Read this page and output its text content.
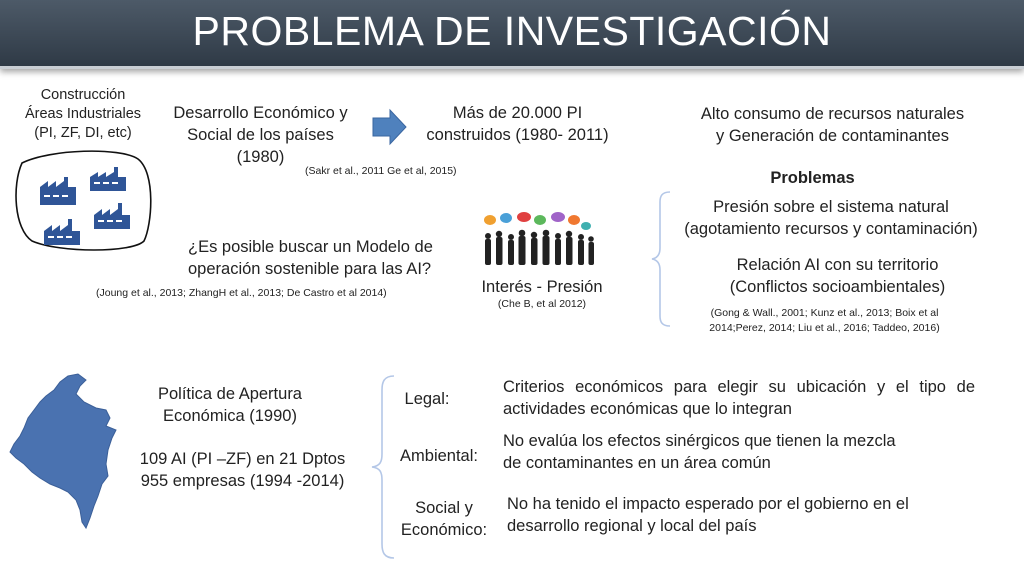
PROBLEMA DE INVESTIGACIÓN
Construcción
Áreas Industriales
(PI, ZF, DI, etc)
Desarrollo Económico y
Social de los países
(1980)
Más de 20.000 PI
construidos (1980- 2011)
(Sakr et al., 2011 Ge et al, 2015)
Alto consumo de recursos naturales
y Generación de contaminantes
Problemas
Presión sobre el sistema natural
(agotamiento recursos y contaminación)
Relación AI con su territorio
(Conflictos socioambientales)
(Gong & Wall., 2001; Kunz et al., 2013; Boix et al
2014;Perez, 2014; Liu et al., 2016; Taddeo, 2016)
¿Es posible buscar un Modelo de
operación sostenible para las AI?
(Joung et al., 2013; ZhangH et al., 2013; De Castro et al 2014)	Interés - Presión
(Che B, et al 2012)
Política de Apertura
Económica (1990)
109 AI (PI –ZF) en 21 Dptos
955 empresas (1994 -2014)
Legal:
Criterios económicos para elegir su ubicación y el tipo de
actividades económicas que lo integran
Ambiental:
No evalúa los efectos sinérgicos que tienen la mezcla
de contaminantes en un área común
Social y
Económico:
No ha tenido el impacto esperado por el gobierno en el
desarrollo regional y local del país
